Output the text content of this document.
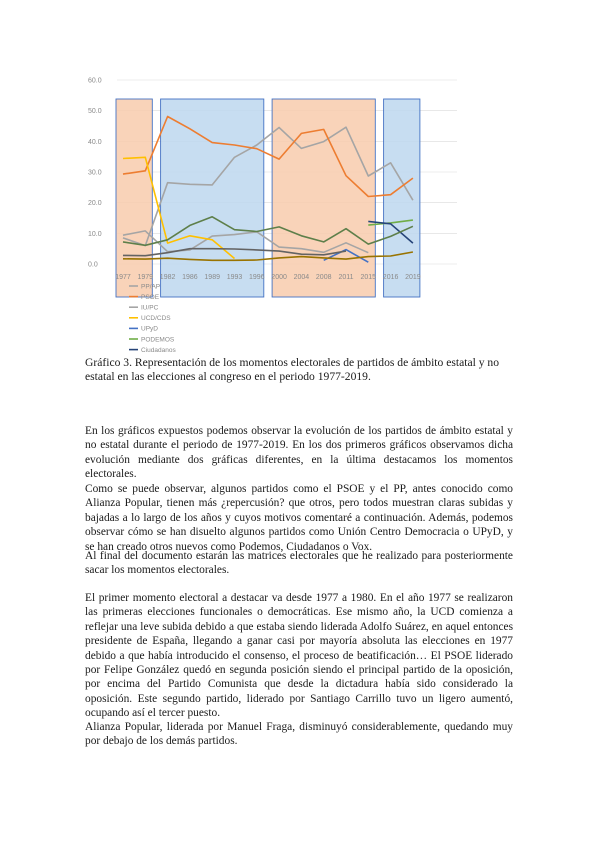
60.0
50.0
40.0
30.0
20.0
10.0
0.0
1977 1979 1982 1986 1989 1993 1996 2000 2004 2008 2011 2015 2016 2019
PP/AP
PSOE
IU/PC
UCD/CDS
UPyD
PODEMOS
Ciudadanos
Gráfico 3. Representación de los momentos electorales de partidos de ámbito estatal y no estatal en las elecciones al congreso en el periodo 1977-2019.

En los gráficos expuestos podemos observar la evolución de los partidos de ámbito estatal y no estatal durante el periodo de 1977-2019. En los dos primeros gráficos observamos dicha evolución mediante dos gráficas diferentes, en la última destacamos los momentos electorales.

Como se puede observar, algunos partidos como el PSOE y el PP, antes conocido como Alianza Popular, tienen más ¿repercusión? que otros, pero todos muestran claras subidas y bajadas a lo largo de los años y cuyos motivos comentaré a continuación. Además, podemos observar cómo se han disuelto algunos partidos como Unión Centro Democracia o UPyD, y se han creado otros nuevos como Podemos, Ciudadanos o Vox.

Al final del documento estarán las matrices electorales que he realizado para posteriormente sacar los momentos electorales.

El primer momento electoral a destacar va desde 1977 a 1980. En el año 1977 se realizaron las primeras elecciones funcionales o democráticas. Ese mismo año, la UCD comienza a reflejar una leve subida debido a que estaba siendo liderada Adolfo Suárez, en aquel entonces presidente de España, llegando a ganar casi por mayoría absoluta las elecciones en 1977 debido a que había introducido el consenso, el proceso de beatificación… El PSOE liderado por Felipe González quedó en segunda posición siendo el principal partido de la oposición, por encima del Partido Comunista que desde la dictadura había sido considerado la oposición. Este segundo partido, liderado por Santiago Carrillo tuvo un ligero aumentó, ocupando así el tercer puesto.

Alianza Popular, liderada por Manuel Fraga, disminuyó considerablemente, quedando muy por debajo de los demás partidos.
